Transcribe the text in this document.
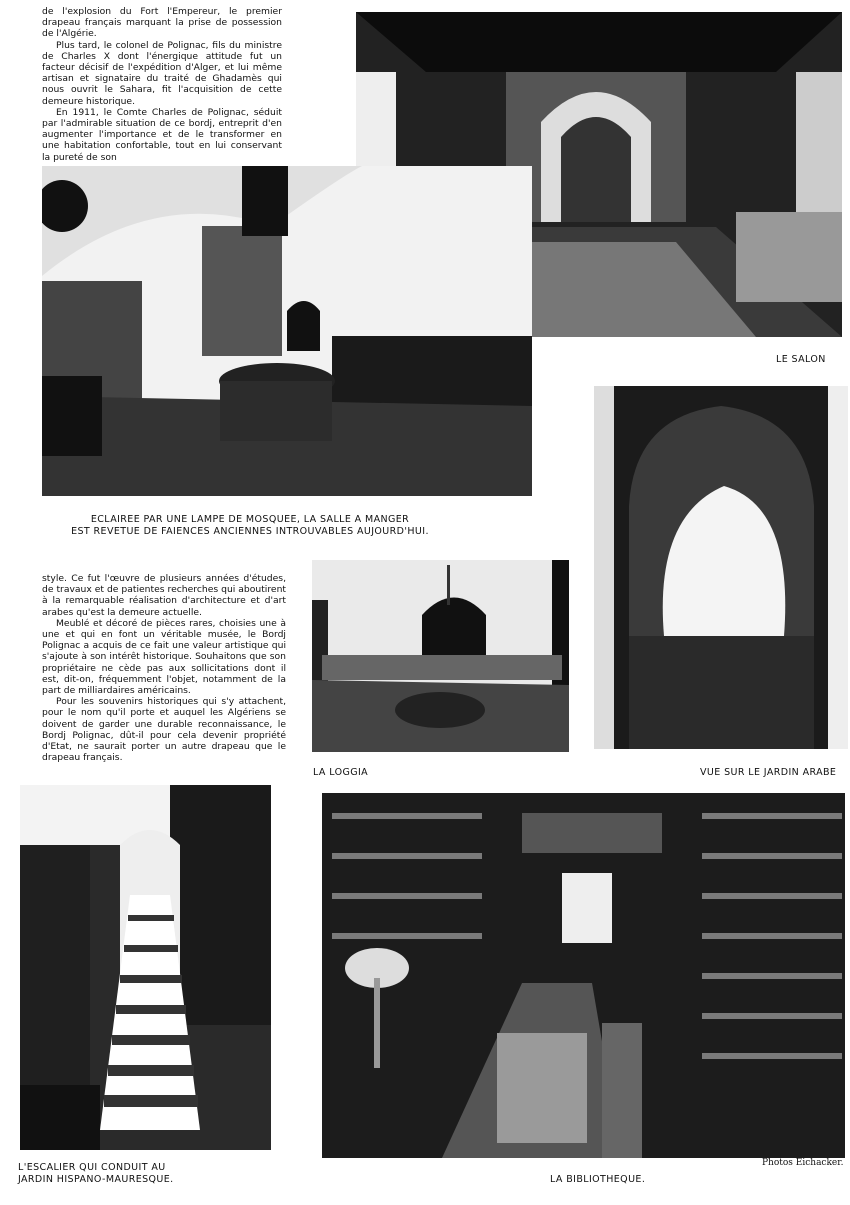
de l'explosion du Fort l'Empereur, le premier drapeau français marquant la prise de possession de l'Algérie.

Plus tard, le colonel de Polignac, fils du ministre de Charles X dont l'énergique attitude fut un facteur décisif de l'expédition d'Alger, et lui même artisan et signataire du traité de Ghadamès qui nous ouvrit le Sahara, fit l'acquisition de cette demeure historique.

En 1911, le Comte Charles de Polignac, séduit par l'admirable situation de ce bordj, entreprit d'en augmenter l'importance et de le transformer en une habitation confortable, tout en lui conservant la pureté de son

style. Ce fut l'œuvre de plusieurs années d'études, de travaux et de patientes recherches qui aboutirent à la remarquable réalisation d'architecture et d'art arabes qu'est la demeure actuelle.

Meublé et décoré de pièces rares, choisies une à une et qui en font un véritable musée, le Bordj Polignac a acquis de ce fait une valeur artistique qui s'ajoute à son intérêt historique. Souhaitons que son propriétaire ne cède pas aux sollicitations dont il est, dit-on, fréquemment l'objet, notamment de la part de milliardaires américains.

Pour les souvenirs historiques qui s'y attachent, pour le nom qu'il porte et auquel les Algériens se doivent de garder une durable reconnaissance, le Bordj Polignac, dût-il pour cela devenir propriété d'Etat, ne saurait porter un autre drapeau que le drapeau français.

LE SALON
ECLAIREE PAR UNE LAMPE DE MOSQUEE, LA SALLE A MANGER
EST REVETUE DE FAIENCES ANCIENNES INTROUVABLES AUJOURD'HUI.
LA LOGGIA	VUE SUR LE JARDIN ARABE
L'ESCALIER QUI CONDUIT AU
JARDIN HISPANO-MAURESQUE.	LA BIBLIOTHEQUE.
Photos Eichacker.
